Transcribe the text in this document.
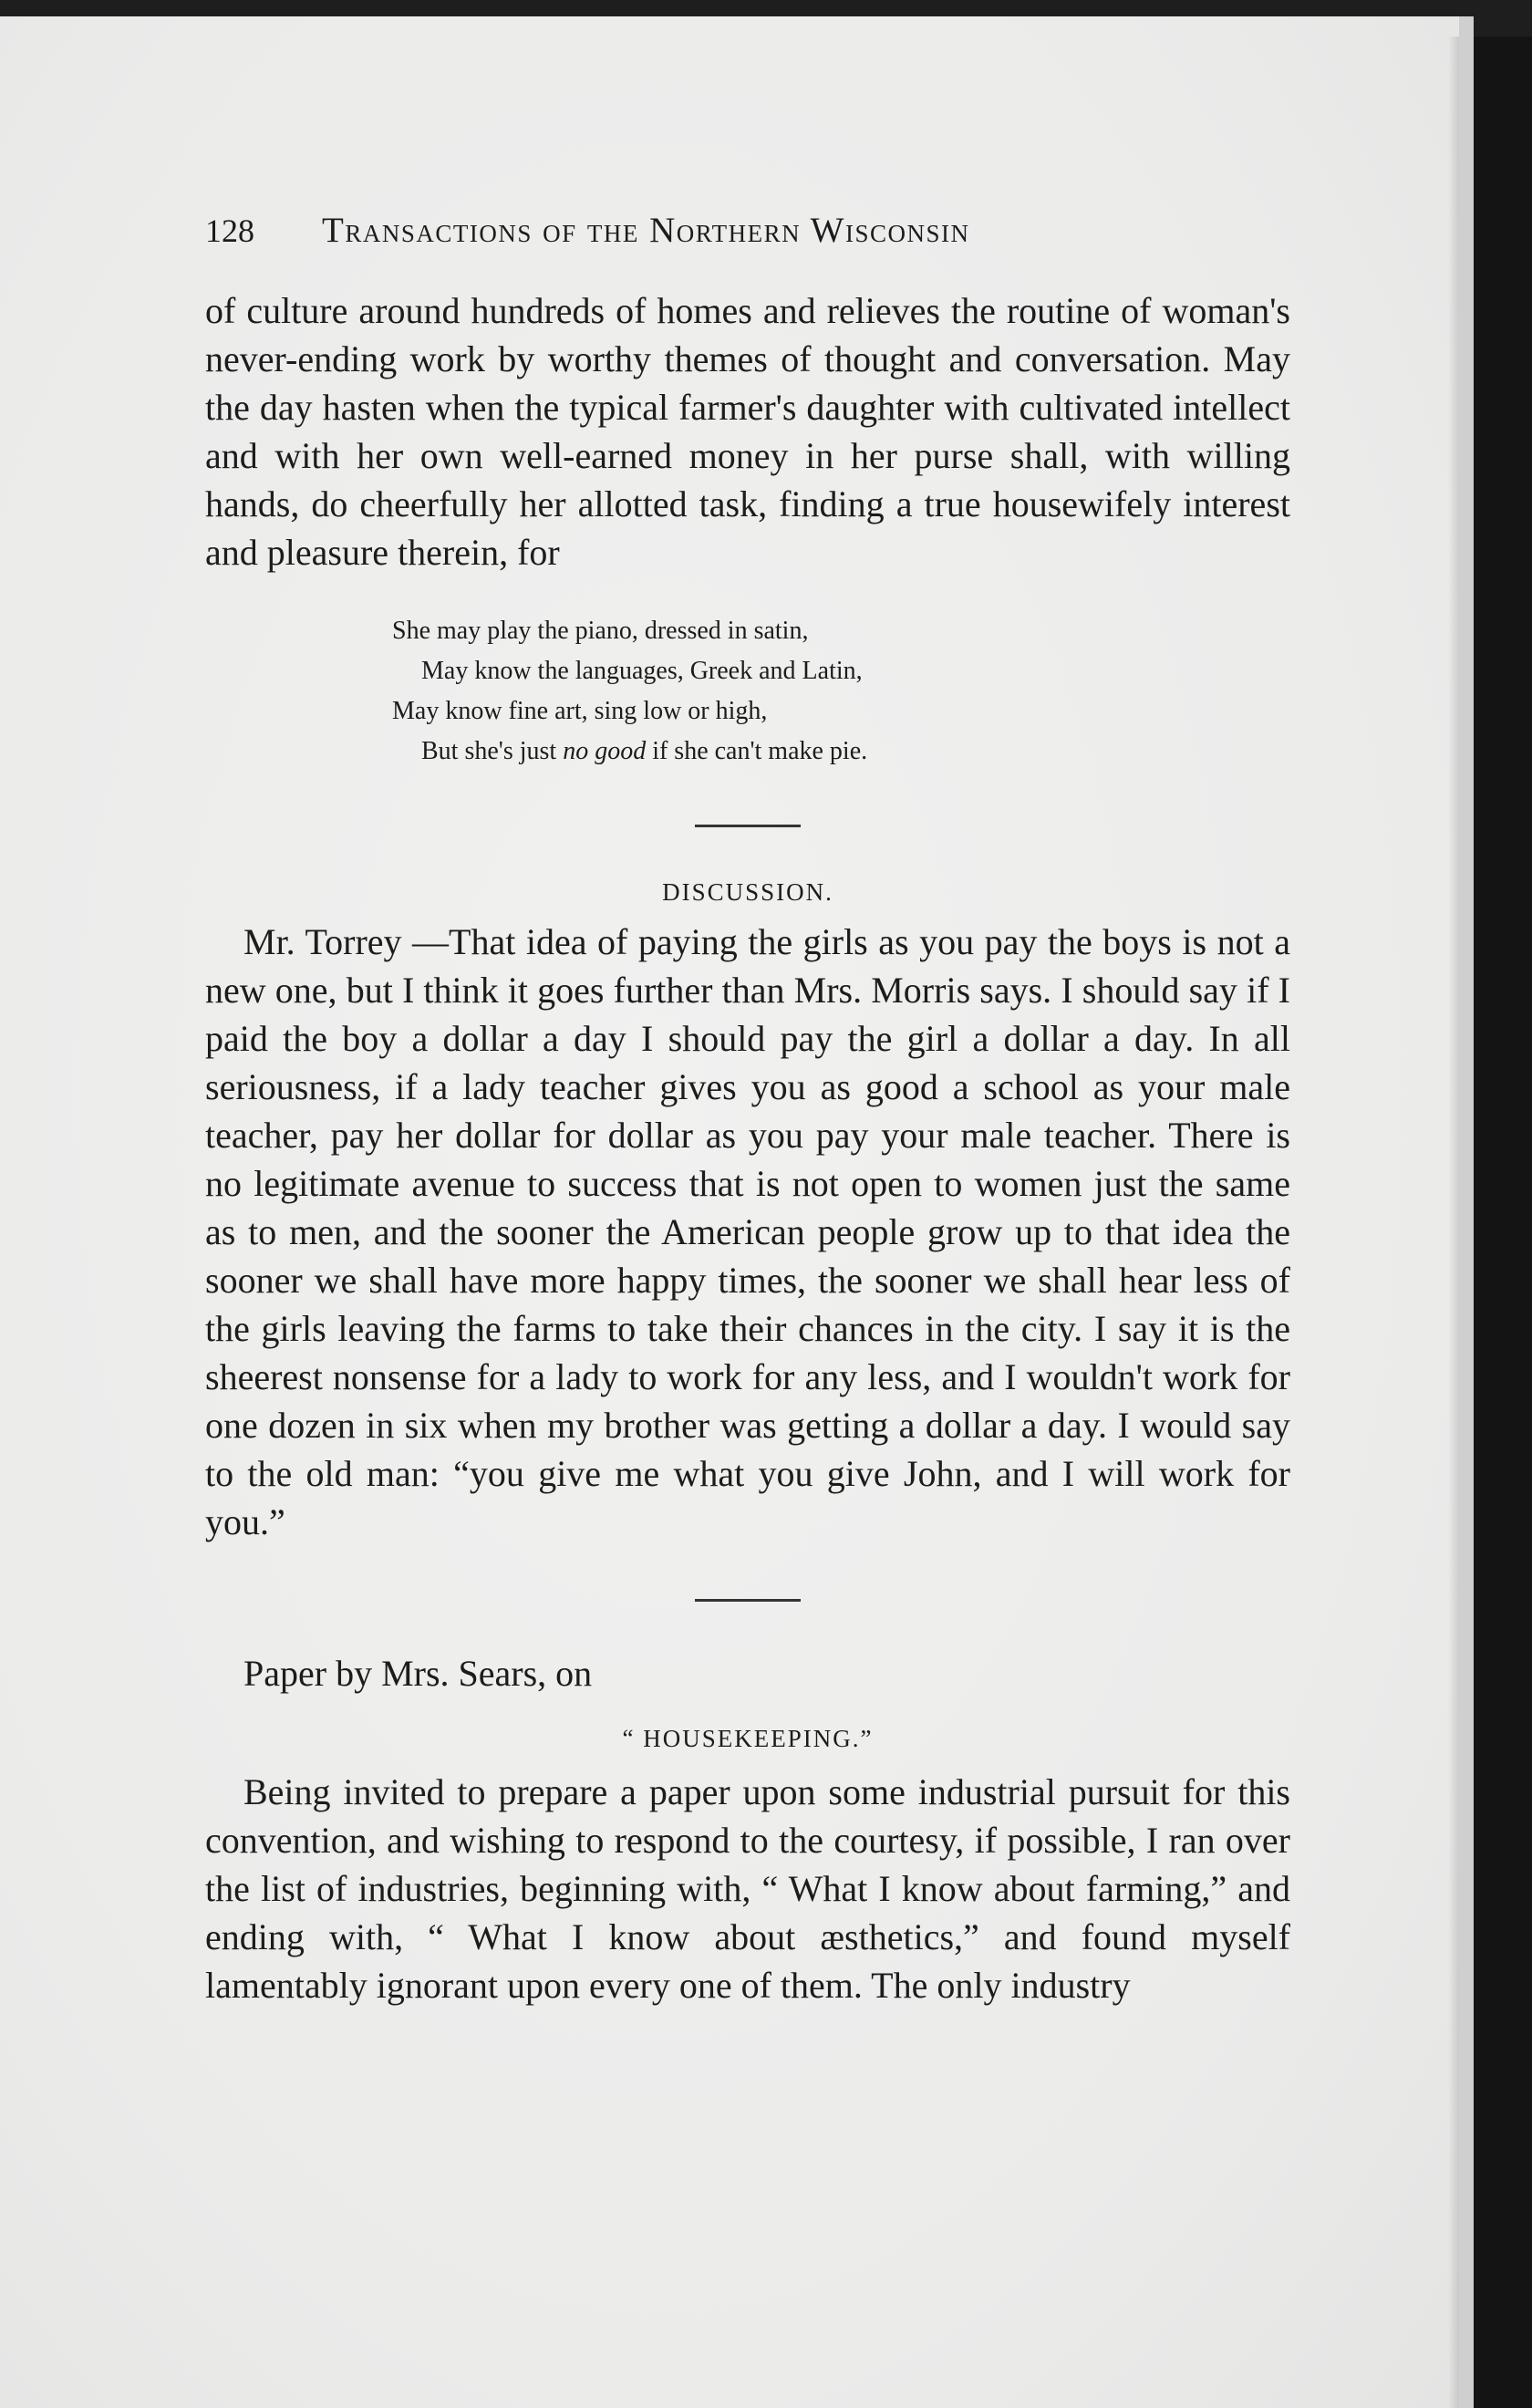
128	Transactions of the Northern Wisconsin

of culture around hundreds of homes and relieves the routine of woman's never-ending work by worthy themes of thought and conversation. May the day hasten when the typical farmer's daughter with cultivated intellect and with her own well-earned money in her purse shall, with willing hands, do cheerfully her allotted task, finding a true housewifely interest and pleasure therein, for

She may play the piano, dressed in satin,
May know the languages, Greek and Latin,
May know fine art, sing low or high,
But she's just no good if she can't make pie.
DISCUSSION.

Mr. Torrey —That idea of paying the girls as you pay the boys is not a new one, but I think it goes further than Mrs. Morris says. I should say if I paid the boy a dollar a day I should pay the girl a dollar a day. In all seriousness, if a lady teacher gives you as good a school as your male teacher, pay her dollar for dollar as you pay your male teacher. There is no legitimate avenue to success that is not open to women just the same as to men, and the sooner the American people grow up to that idea the sooner we shall have more happy times, the sooner we shall hear less of the girls leaving the farms to take their chances in the city. I say it is the sheerest nonsense for a lady to work for any less, and I wouldn't work for one dozen in six when my brother was getting a dollar a day. I would say to the old man: “you give me what you give John, and I will work for you.”

Paper by Mrs. Sears, on

“ HOUSEKEEPING.”

Being invited to prepare a paper upon some industrial pursuit for this convention, and wishing to respond to the courtesy, if possible, I ran over the list of industries, beginning with, “ What I know about farming,” and ending with, “ What I know about æsthetics,” and found myself lamentably ignorant upon every one of them. The only industry
